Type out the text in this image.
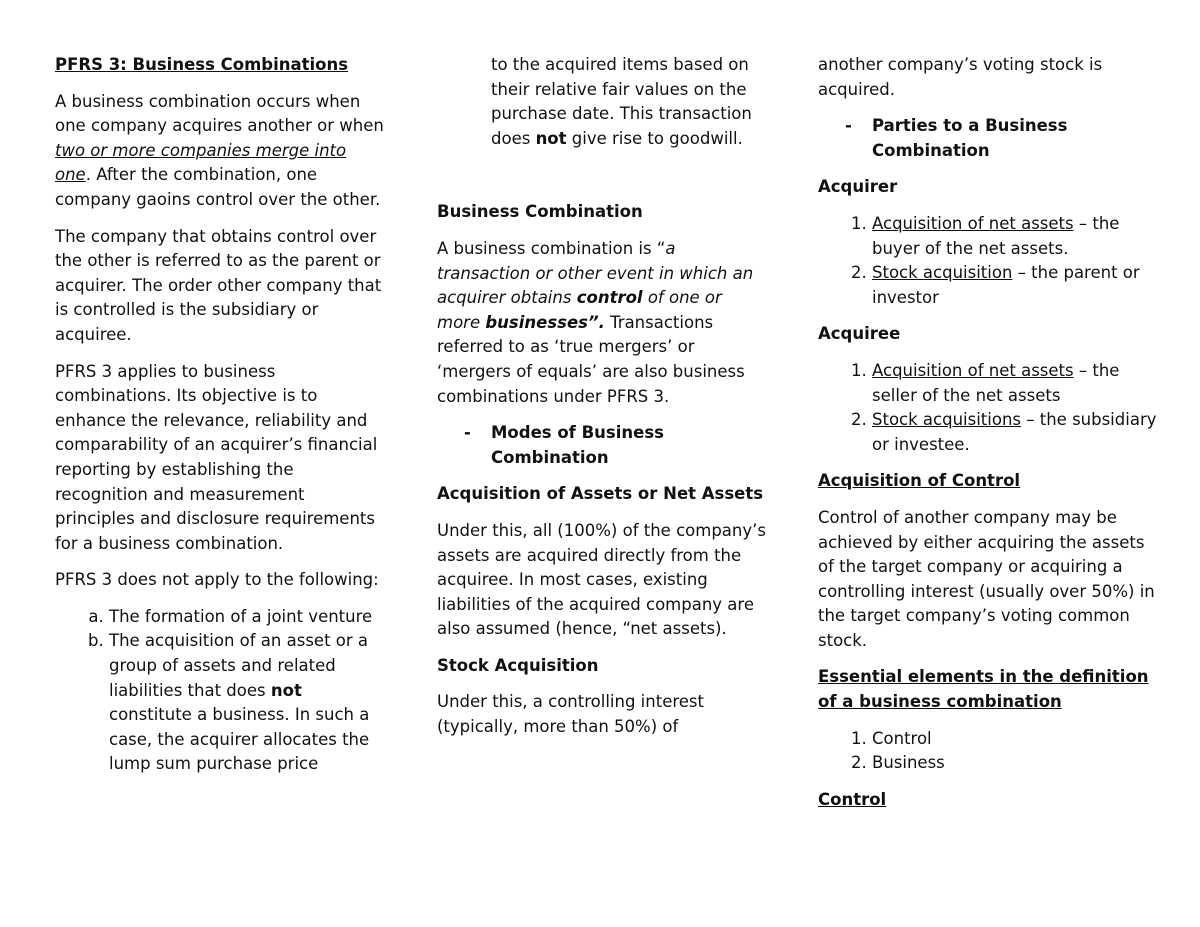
PFRS 3: Business Combinations

A business combination occurs when one company acquires another or when two or more companies merge into one. After the combination, one company gaoins control over the other.

The company that obtains control over the other is referred to as the parent or acquirer. The order other company that is controlled is the subsidiary or acquiree.

PFRS 3 applies to business combinations. Its objective is to enhance the relevance, reliability and comparability of an acquirer’s financial reporting by establishing the recognition and measurement principles and disclosure requirements for a business combination.

PFRS 3 does not apply to the following:

a. The formation of a joint venture
b. The acquisition of an asset or a group of assets and related liabilities that does not constitute a business. In such a case, the acquirer allocates the lump sum purchase price

to the acquired items based on their relative fair values on the purchase date. This transaction does not give rise to goodwill.

Business Combination

A business combination is “a transaction or other event in which an acquirer obtains control of one or more businesses”. Transactions referred to as ‘true mergers’ or ‘mergers of equals’ are also business combinations under PFRS 3.

- Modes of Business Combination

Acquisition of Assets or Net Assets

Under this, all (100%) of the company’s assets are acquired directly from the acquiree. In most cases, existing liabilities of the acquired company are also assumed (hence, “net assets).

Stock Acquisition

Under this, a controlling interest (typically, more than 50%) of

another company’s voting stock is acquired.

- Parties to a Business Combination

Acquirer

1. Acquisition of net assets – the buyer of the net assets.
2. Stock acquisition – the parent or investor

Acquiree

1. Acquisition of net assets – the seller of the net assets
2. Stock acquisitions – the subsidiary or investee.

Acquisition of Control

Control of another company may be achieved by either acquiring the assets of the target company or acquiring a controlling interest (usually over 50%) in the target company’s voting common stock.

Essential elements in the definition of a business combination

1. Control
2. Business

Control
